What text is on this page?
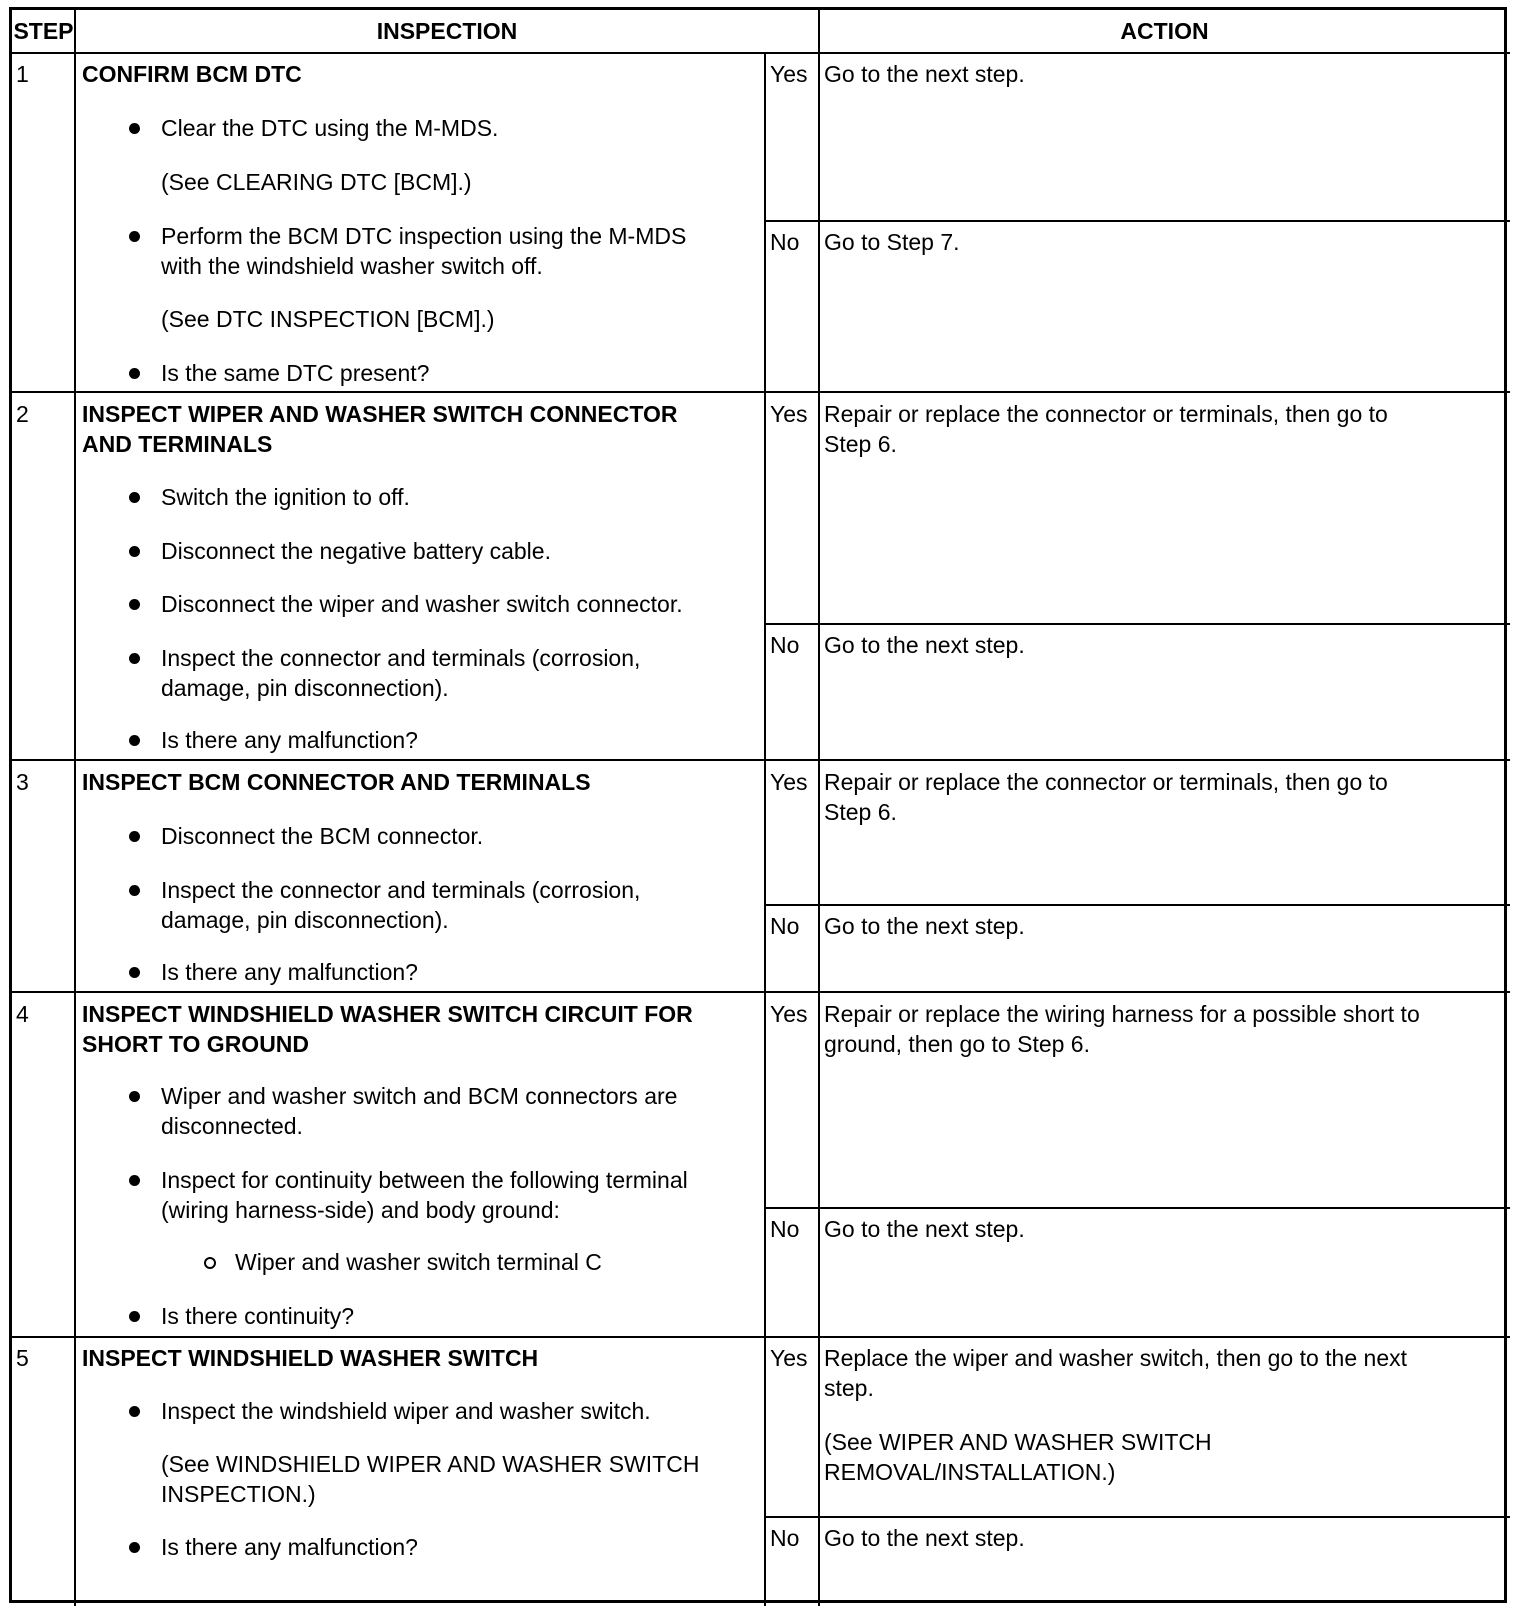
STEP	INSPECTION	ACTION
1 CONFIRM BCM DTC
Clear the DTC using the M-MDS.
(See CLEARING DTC [BCM].)
Perform the BCM DTC inspection using the M-MDS
with the windshield washer switch off.
(See DTC INSPECTION [BCM].)
Is the same DTC present?
Yes Go to the next step.
No Go to Step 7.
2 INSPECT WIPER AND WASHER SWITCH CONNECTOR
AND TERMINALS
Switch the ignition to off.
Disconnect the negative battery cable.
Disconnect the wiper and washer switch connector.
Inspect the connector and terminals (corrosion,
damage, pin disconnection).
Is there any malfunction?
Yes Repair or replace the connector or terminals, then go to
Step 6.
No Go to the next step.
3 INSPECT BCM CONNECTOR AND TERMINALS
Disconnect the BCM connector.
Inspect the connector and terminals (corrosion,
damage, pin disconnection).
Is there any malfunction?
Yes Repair or replace the connector or terminals, then go to
Step 6.
No Go to the next step.
4 INSPECT WINDSHIELD WASHER SWITCH CIRCUIT FOR
SHORT TO GROUND
Wiper and washer switch and BCM connectors are
disconnected.
Inspect for continuity between the following terminal
(wiring harness-side) and body ground:
Wiper and washer switch terminal C
Is there continuity?
Yes Repair or replace the wiring harness for a possible short to
ground, then go to Step 6.
No Go to the next step.
5 INSPECT WINDSHIELD WASHER SWITCH
Inspect the windshield wiper and washer switch.
(See WINDSHIELD WIPER AND WASHER SWITCH
INSPECTION.)
Is there any malfunction?
Yes Replace the wiper and washer switch, then go to the next
step.
(See WIPER AND WASHER SWITCH
REMOVAL/INSTALLATION.)
No Go to the next step.
